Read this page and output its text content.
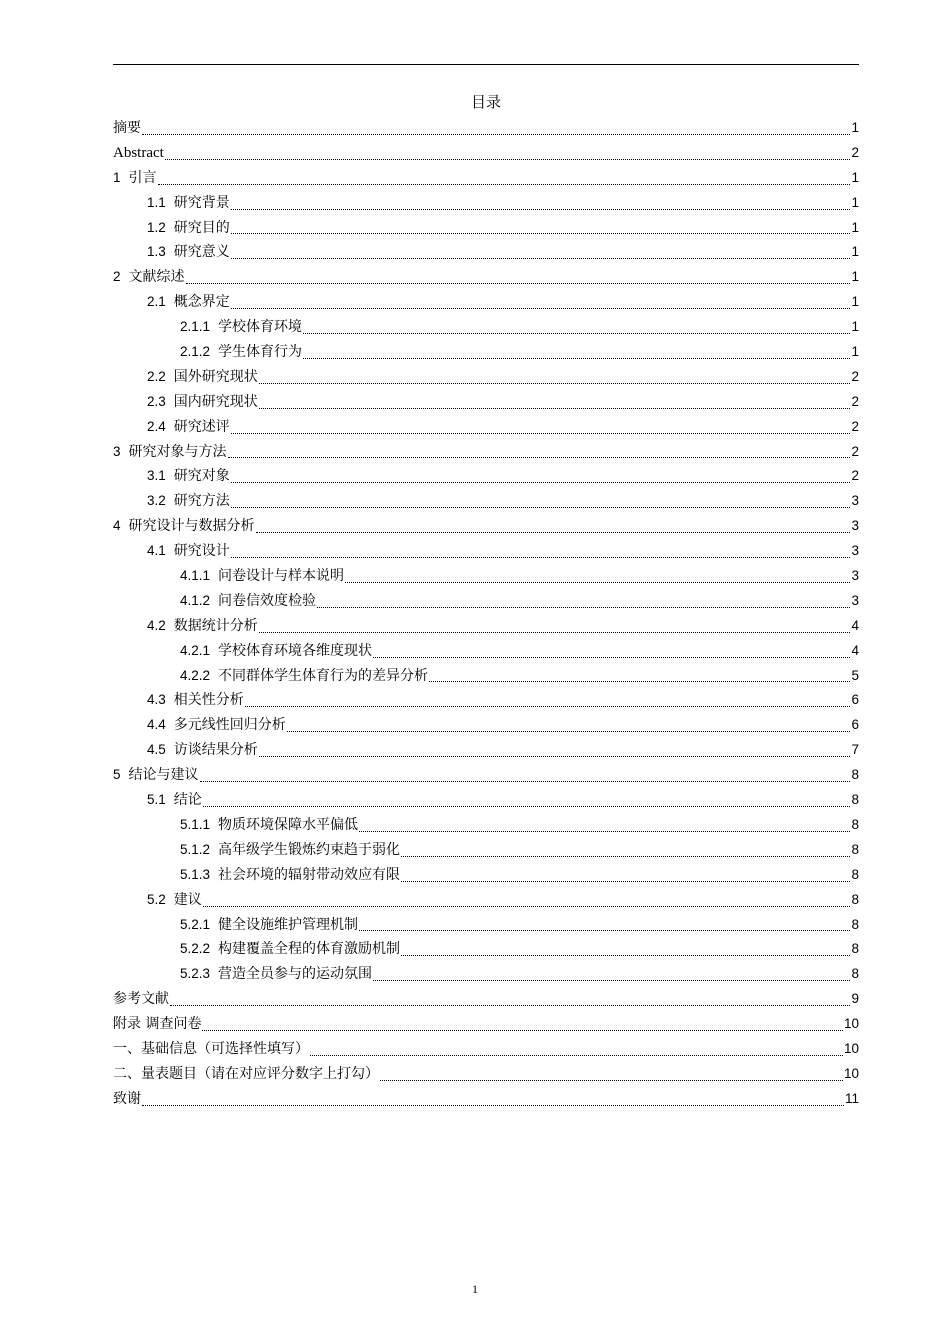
目录
摘要	1
Abstract	2
1 引言	1
1.1 研究背景	1
1.2 研究目的	1
1.3 研究意义	1
2 文献综述	1
2.1 概念界定	1
2.1.1 学校体育环境	1
2.1.2 学生体育行为	1
2.2 国外研究现状	2
2.3 国内研究现状	2
2.4 研究述评	2
3 研究对象与方法	2
3.1 研究对象	2
3.2 研究方法	3
4 研究设计与数据分析	3
4.1 研究设计	3
4.1.1 问卷设计与样本说明	3
4.1.2 问卷信效度检验	3
4.2 数据统计分析	4
4.2.1 学校体育环境各维度现状	4
4.2.2 不同群体学生体育行为的差异分析	5
4.3 相关性分析	6
4.4 多元线性回归分析	6
4.5 访谈结果分析	7
5 结论与建议	8
5.1 结论	8
5.1.1 物质环境保障水平偏低	8
5.1.2 高年级学生锻炼约束趋于弱化	8
5.1.3 社会环境的辐射带动效应有限	8
5.2 建议	8
5.2.1 健全设施维护管理机制	8
5.2.2 构建覆盖全程的体育激励机制	8
5.2.3 营造全员参与的运动氛围	8
参考文献	9
附录 调查问卷	10
一、基础信息（可选择性填写）	10
二、量表题目（请在对应评分数字上打勾）	10
致谢	11
1
